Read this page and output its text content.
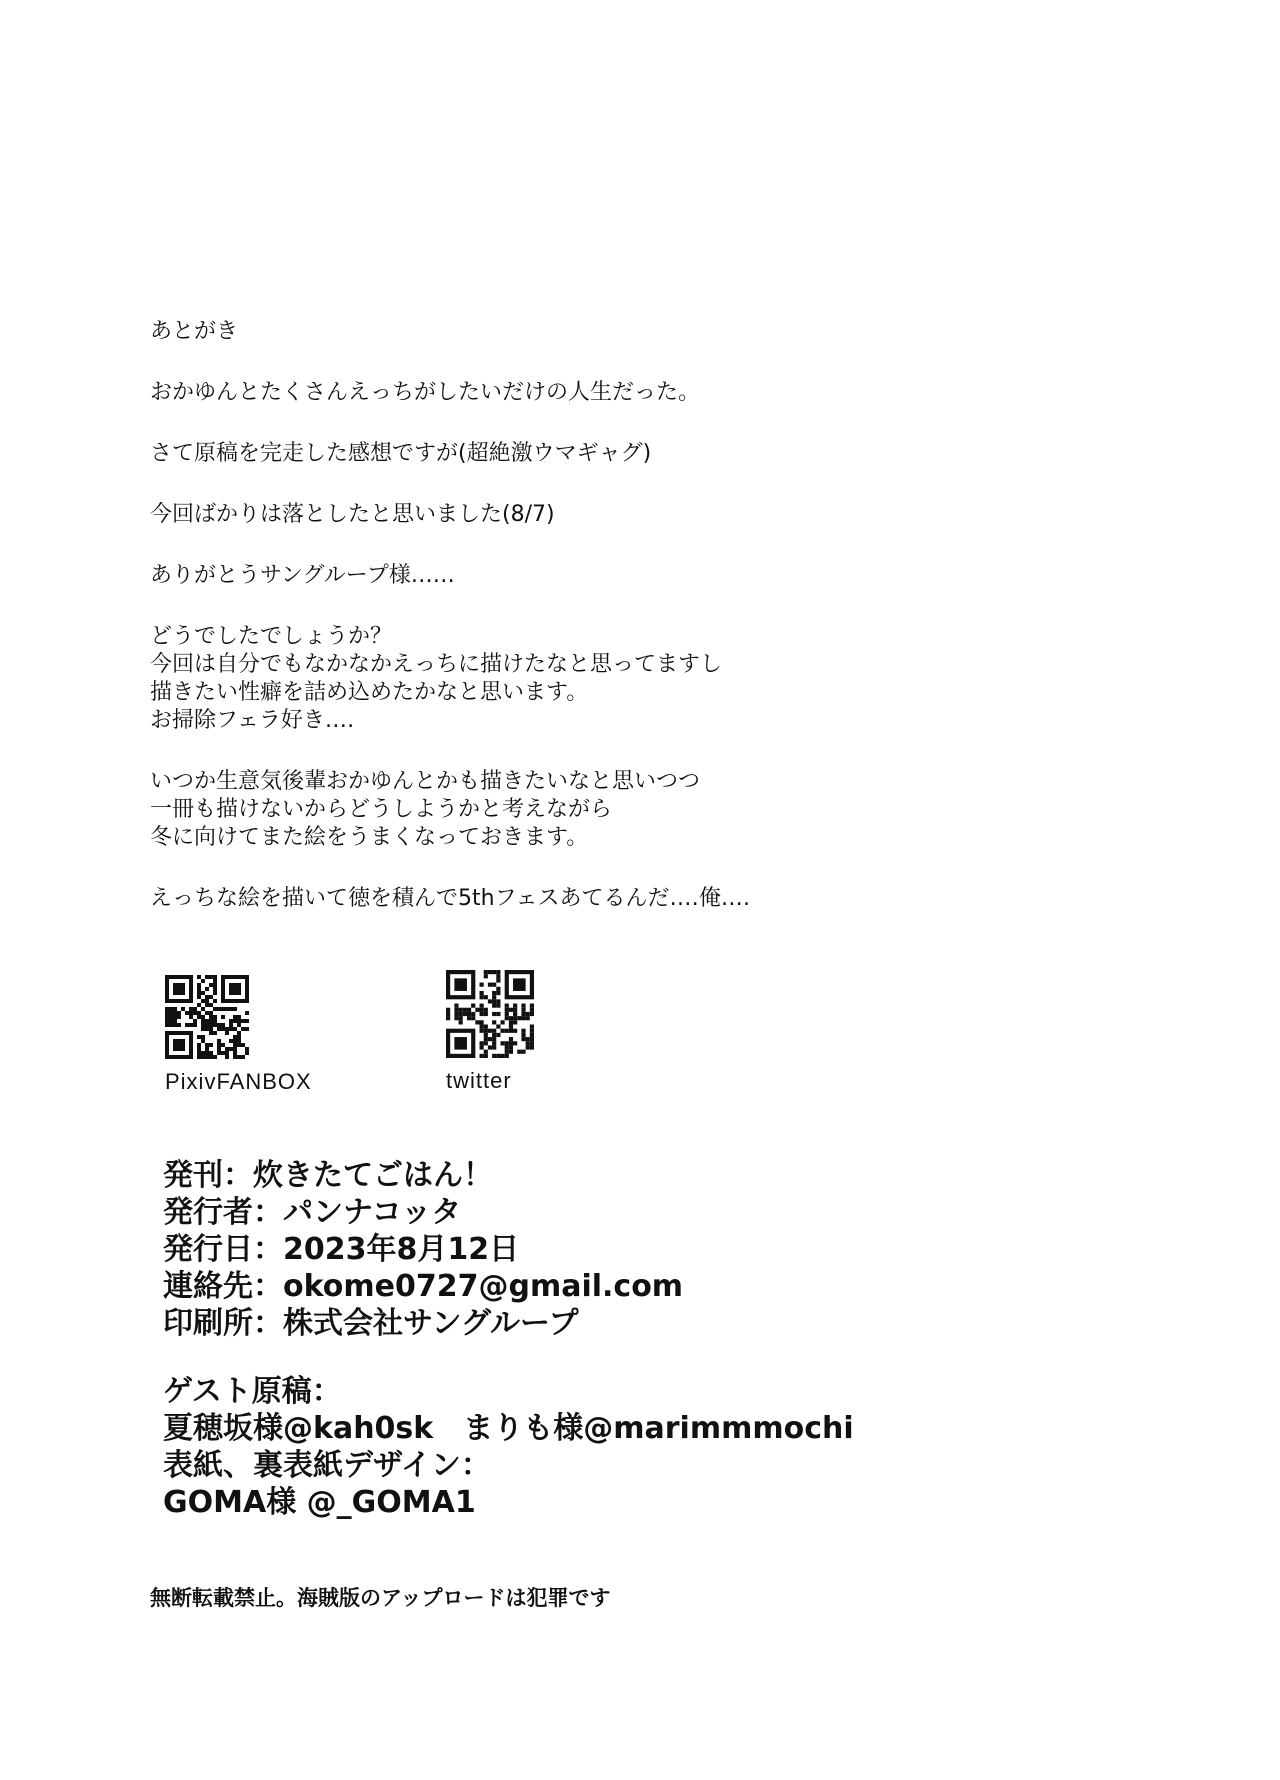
あとがき
おかゆんとたくさんえっちがしたいだけの人生だった。
さて原稿を完走した感想ですが(超絶激ウマギャグ)
今回ばかりは落としたと思いました(8/7)
ありがとうサングループ様‥‥‥
どうでしたでしょうか？
今回は自分でもなかなかえっちに描けたなと思ってますし
描きたい性癖を詰め込めたかなと思います。
お掃除フェラ好き‥‥
いつか生意気後輩おかゆんとかも描きたいなと思いつつ
一冊も描けないからどうしようかと考えながら
冬に向けてまた絵をうまくなっておきます。
えっちな絵を描いて徳を積んで5thフェスあてるんだ‥‥俺‥‥
PixivFANBOX	twitter
発刊：炊きたてごはん！
発行者：パンナコッタ
発行日：2023年8月12日
連絡先：okome0727@gmail.com
印刷所：株式会社サングループ
ゲスト原稿：
夏穂坂様@kah0sk　まりも様@marimmmochi
表紙、裏表紙デザイン：
GOMA様 @_GOMA1
無断転載禁止。海賊版のアップロードは犯罪です
